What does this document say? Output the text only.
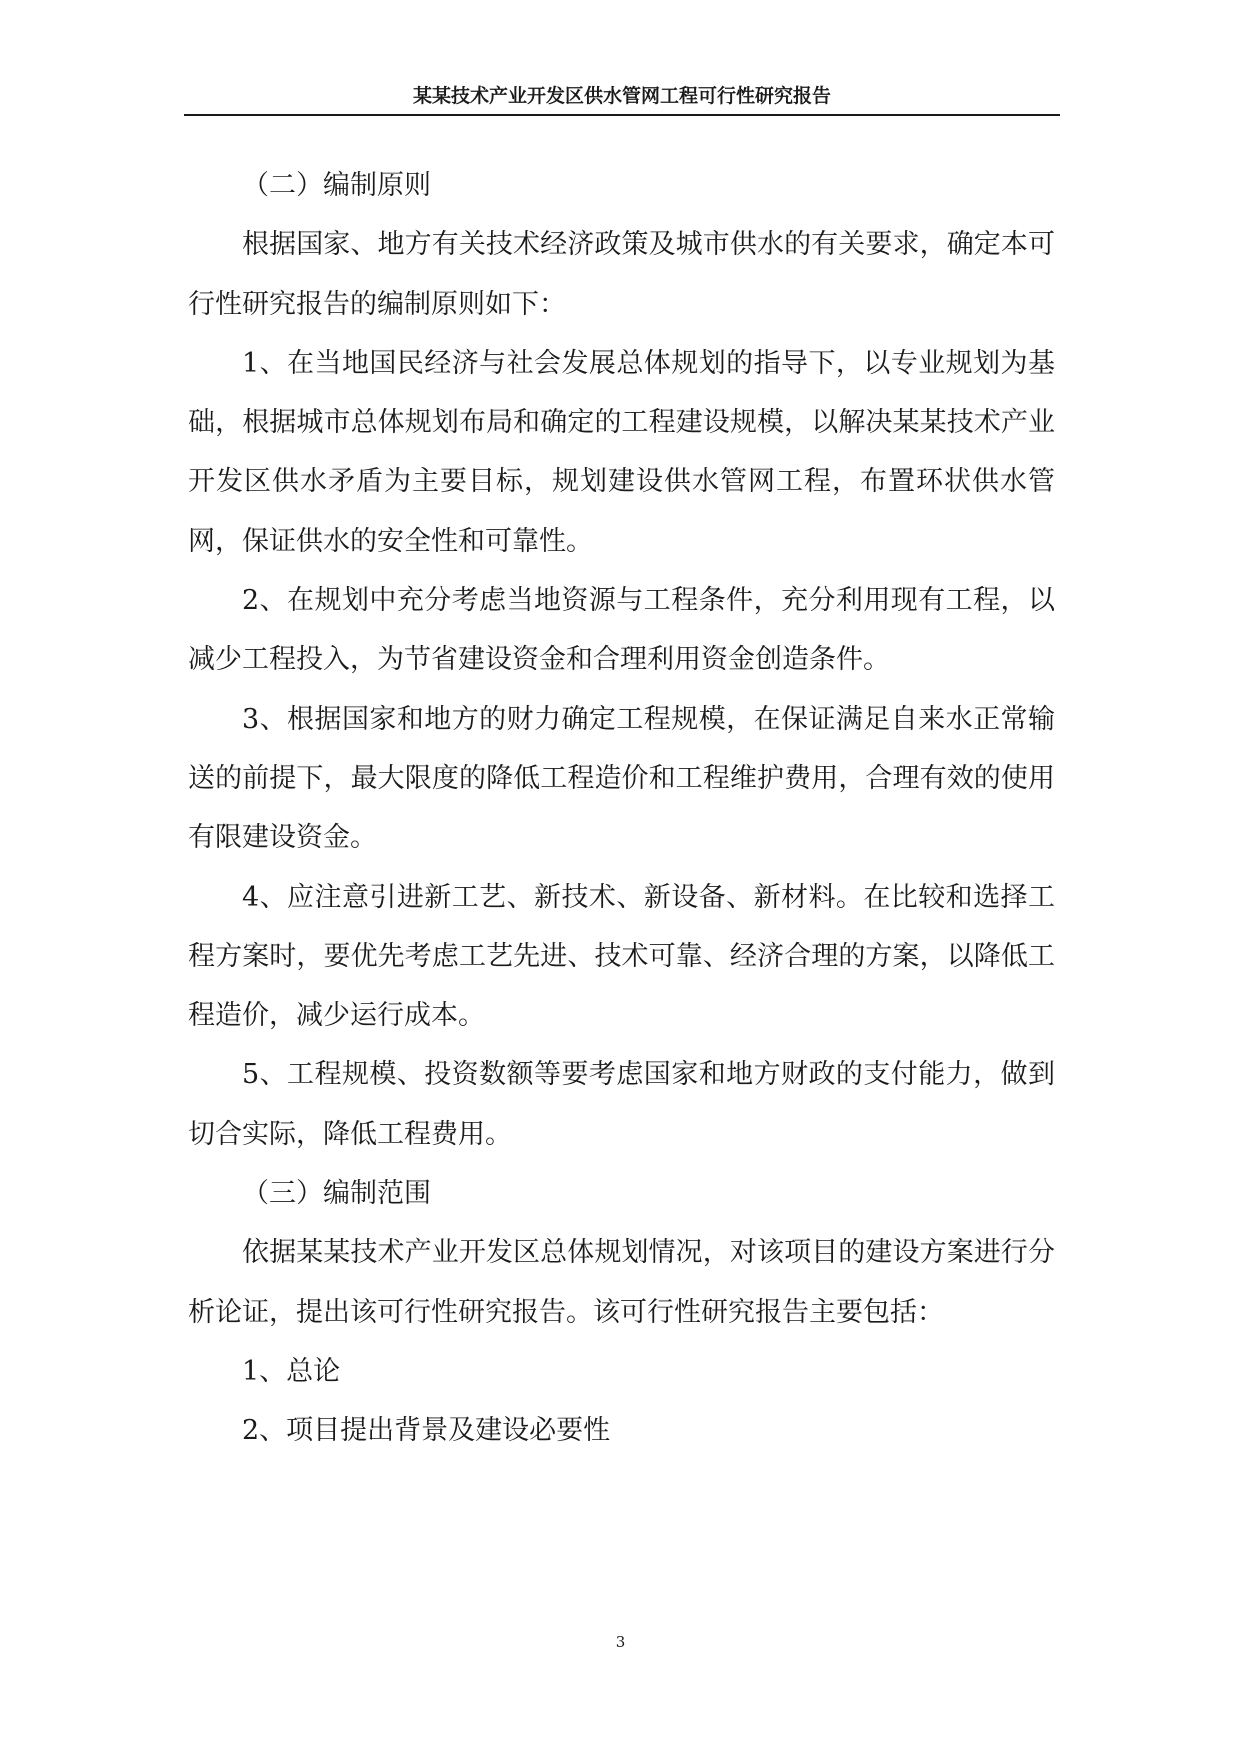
某某技术产业开发区供水管网工程可行性研究报告

（二）编制原则

根据国家、地方有关技术经济政策及城市供水的有关要求，确定本可行性研究报告的编制原则如下：

1、在当地国民经济与社会发展总体规划的指导下，以专业规划为基础，根据城市总体规划布局和确定的工程建设规模，以解决某某技术产业开发区供水矛盾为主要目标，规划建设供水管网工程，布置环状供水管网，保证供水的安全性和可靠性。

2、在规划中充分考虑当地资源与工程条件，充分利用现有工程，以减少工程投入，为节省建设资金和合理利用资金创造条件。

3、根据国家和地方的财力确定工程规模，在保证满足自来水正常输送的前提下，最大限度的降低工程造价和工程维护费用，合理有效的使用有限建设资金。

4、应注意引进新工艺、新技术、新设备、新材料。在比较和选择工程方案时，要优先考虑工艺先进、技术可靠、经济合理的方案，以降低工程造价，减少运行成本。

5、工程规模、投资数额等要考虑国家和地方财政的支付能力，做到切合实际，降低工程费用。

（三）编制范围

依据某某技术产业开发区总体规划情况，对该项目的建设方案进行分析论证，提出该可行性研究报告。该可行性研究报告主要包括：

1、总论

2、项目提出背景及建设必要性

3
